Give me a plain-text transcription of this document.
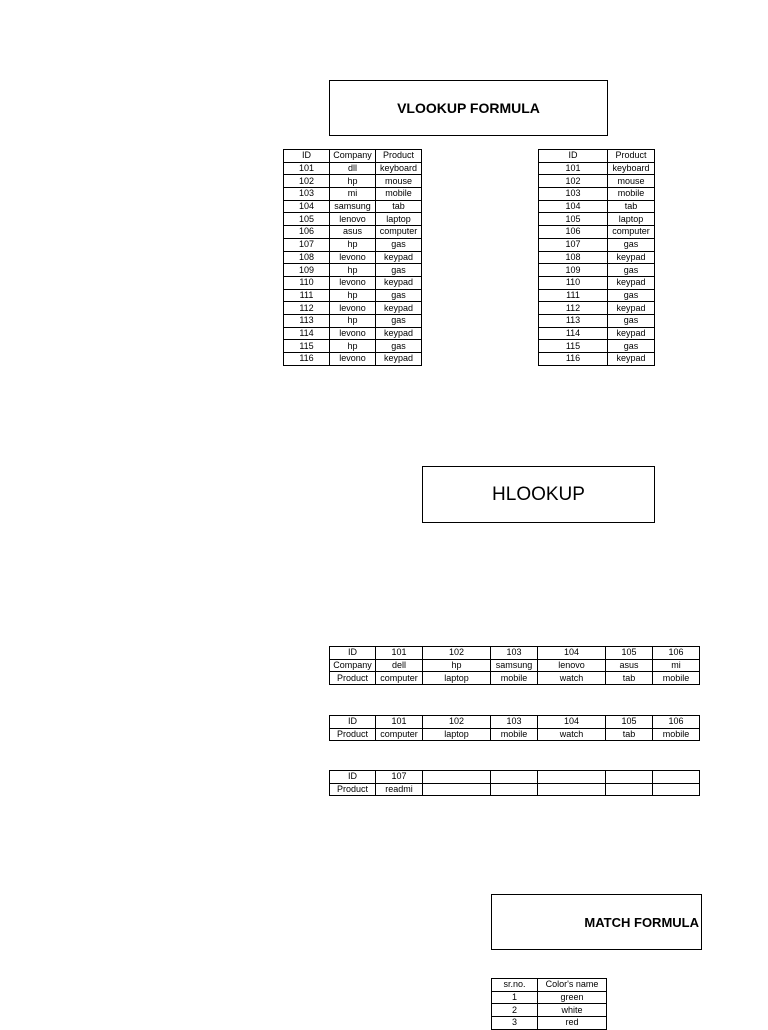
VLOOKUP FORMULA
ID	Company	Product
101	dll	keyboard
102	hp	mouse
103	mi	mobile
104	samsung	tab
105	lenovo	laptop
106	asus	computer
107	hp	gas
108	levono	keypad
109	hp	gas
110	levono	keypad
111	hp	gas
112	levono	keypad
113	hp	gas
114	levono	keypad
115	hp	gas
116	levono	keypad
ID	Product
101	keyboard
102	mouse
103	mobile
104	tab
105	laptop
106	computer
107	gas
108	keypad
109	gas
110	keypad
111	gas
112	keypad
113	gas
114	keypad
115	gas
116	keypad
HLOOKUP
ID	101	102	103	104	105	106
Company	dell	hp	samsung	lenovo	asus	mi
Product	computer	laptop	mobile	watch	tab	mobile
ID	101	102	103	104	105	106
Product	computer	laptop	mobile	watch	tab	mobile
ID	107					
Product	readmi					
MATCH FORMULA
sr.no.	Color's name
1	green
2	white
3	red
